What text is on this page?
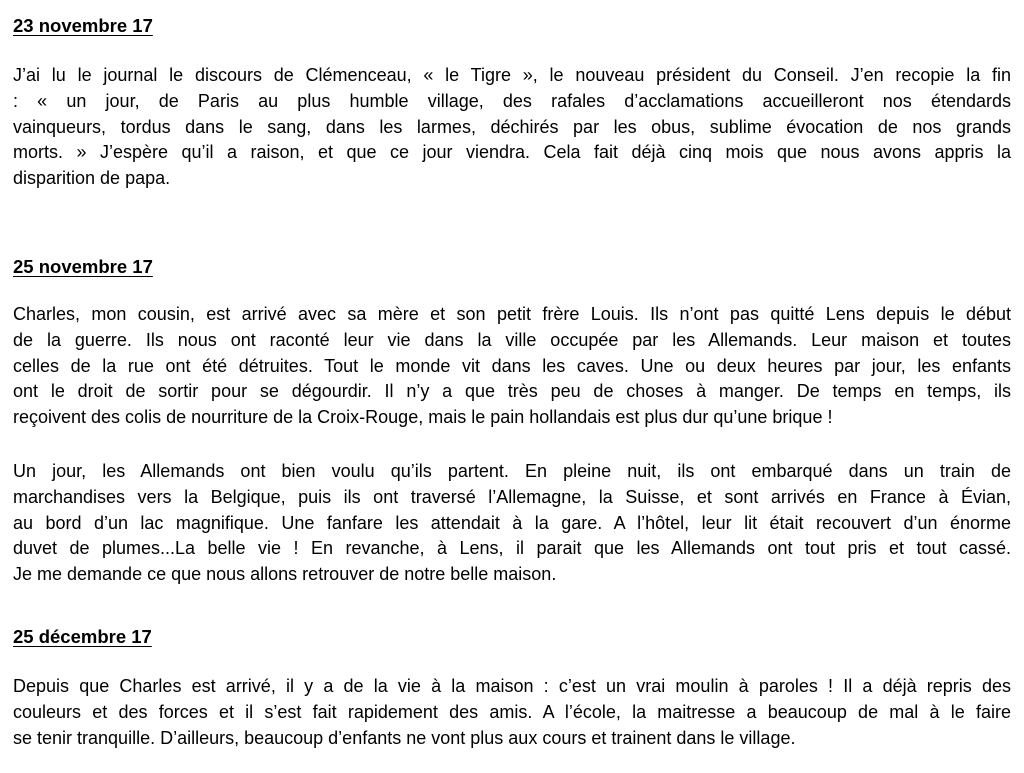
23 novembre 17

J’ai lu le journal le discours de Clémenceau, « le Tigre », le nouveau président du Conseil. J’en recopie la fin
: « un jour, de Paris au plus humble village, des rafales d’acclamations accueilleront nos étendards
vainqueurs, tordus dans le sang, dans les larmes, déchirés par les obus, sublime évocation de nos grands
morts. » J’espère qu’il a raison, et que ce jour viendra. Cela fait déjà cinq mois que nous avons appris la
disparition de papa.

25 novembre 17

Charles, mon cousin, est arrivé avec sa mère et son petit frère Louis. Ils n’ont pas quitté Lens depuis le début
de la guerre. Ils nous ont raconté leur vie dans la ville occupée par les Allemands. Leur maison et toutes
celles de la rue ont été détruites. Tout le monde vit dans les caves. Une ou deux heures par jour, les enfants
ont le droit de sortir pour se dégourdir. Il n’y a que très peu de choses à manger. De temps en temps, ils
reçoivent des colis de nourriture de la Croix-Rouge, mais le pain hollandais est plus dur qu’une brique !

Un jour, les Allemands ont bien voulu qu’ils partent. En pleine nuit, ils ont embarqué dans un train de
marchandises vers la Belgique, puis ils ont traversé l’Allemagne, la Suisse, et sont arrivés en France à Évian,
au bord d’un lac magnifique. Une fanfare les attendait à la gare. A l’hôtel, leur lit était recouvert d’un énorme
duvet de plumes...La belle vie ! En revanche, à Lens, il parait que les Allemands ont tout pris et tout cassé.
Je me demande ce que nous allons retrouver de notre belle maison.

25 décembre 17

Depuis que Charles est arrivé, il y a de la vie à la maison : c’est un vrai moulin à paroles ! Il a déjà repris des
couleurs et des forces et il s’est fait rapidement des amis. A l’école, la maitresse a beaucoup de mal à le faire
se tenir tranquille. D’ailleurs, beaucoup d’enfants ne vont plus aux cours et trainent dans le village.
